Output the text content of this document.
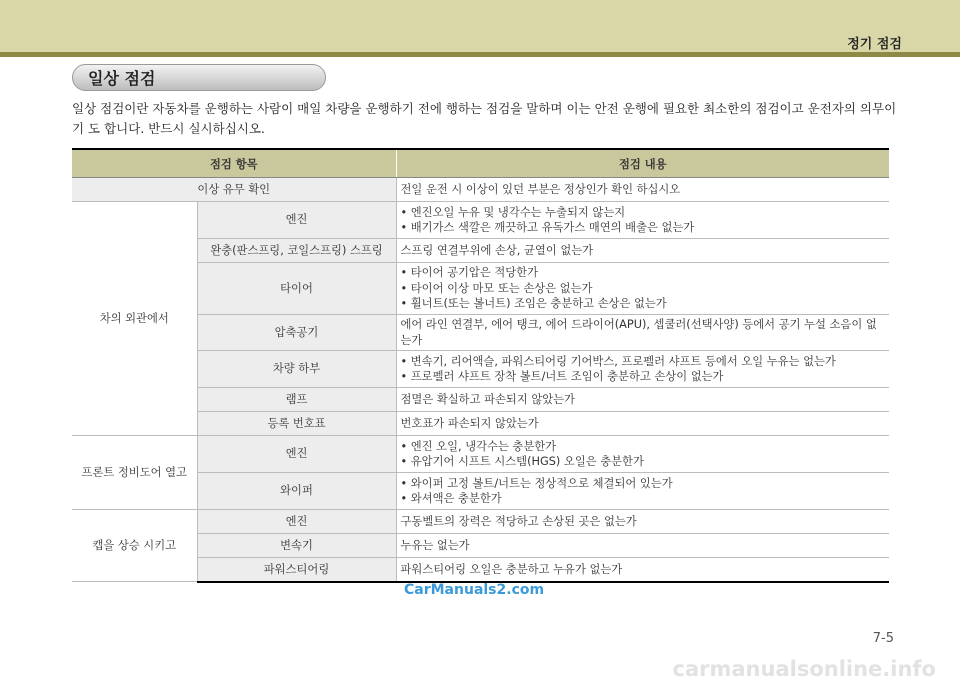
정기 점검
일상 점검
일상 점검이란 자동차를 운행하는 사람이 매일 차량을 운행하기 전에 행하는 점검을 말하며 이는 안전 운행에 필요한 최소한의 점검이고 운전자의 의무이기 도 합니다. 반드시 실시하십시오.
점검 항목		점검 내용
이상 유무 확인		전일 운전 시 이상이 있던 부분은 정상인가 확인 하십시오
차의 외관에서	엔진	• 엔진오일 누유 및 냉각수는 누출되지 않는지
• 배기가스 색깔은 깨끗하고 유독가스 매연의 배출은 없는가

	완충(판스프링, 코일스프링) 스프링	스프링 연결부위에 손상, 균열이 없는가
	타이어	• 타이어 공기압은 적당한가
• 타이어 이상 마모 또는 손상은 없는가
• 휠너트(또는 볼너트) 조임은 충분하고 손상은 없는가

	압축공기	에어 라인 연결부, 에어 탱크, 에어 드라이어(APU), 셉쿨러(선택사양) 등에서 공기 누설 소음이 없는가
	차량 하부	• 변속기, 리어액슬, 파워스티어링 기어박스, 프로펠러 샤프트 등에서 오일 누유는 없는가
• 프로펠러 샤프트 장착 볼트/너트 조임이 충분하고 손상이 없는가

	램프	점멸은 확실하고 파손되지 않았는가
	등록 번호표	번호표가 파손되지 않았는가
프론트 정비도어 열고	엔진	• 엔진 오일, 냉각수는 충분한가
• 유압기어 시프트 시스템(HGS) 오일은 충분한가

	와이퍼	• 와이퍼 고정 볼트/너트는 정상적으로 체결되어 있는가
• 와셔액은 충분한가

캡을 상승 시키고	엔진	구동벨트의 장력은 적당하고 손상된 곳은 없는가
	변속기	누유는 없는가
	파워스티어링	파워스티어링 오일은 충분하고 누유가 없는가
CarManuals2.com
7-5
carmanualsonline.info
